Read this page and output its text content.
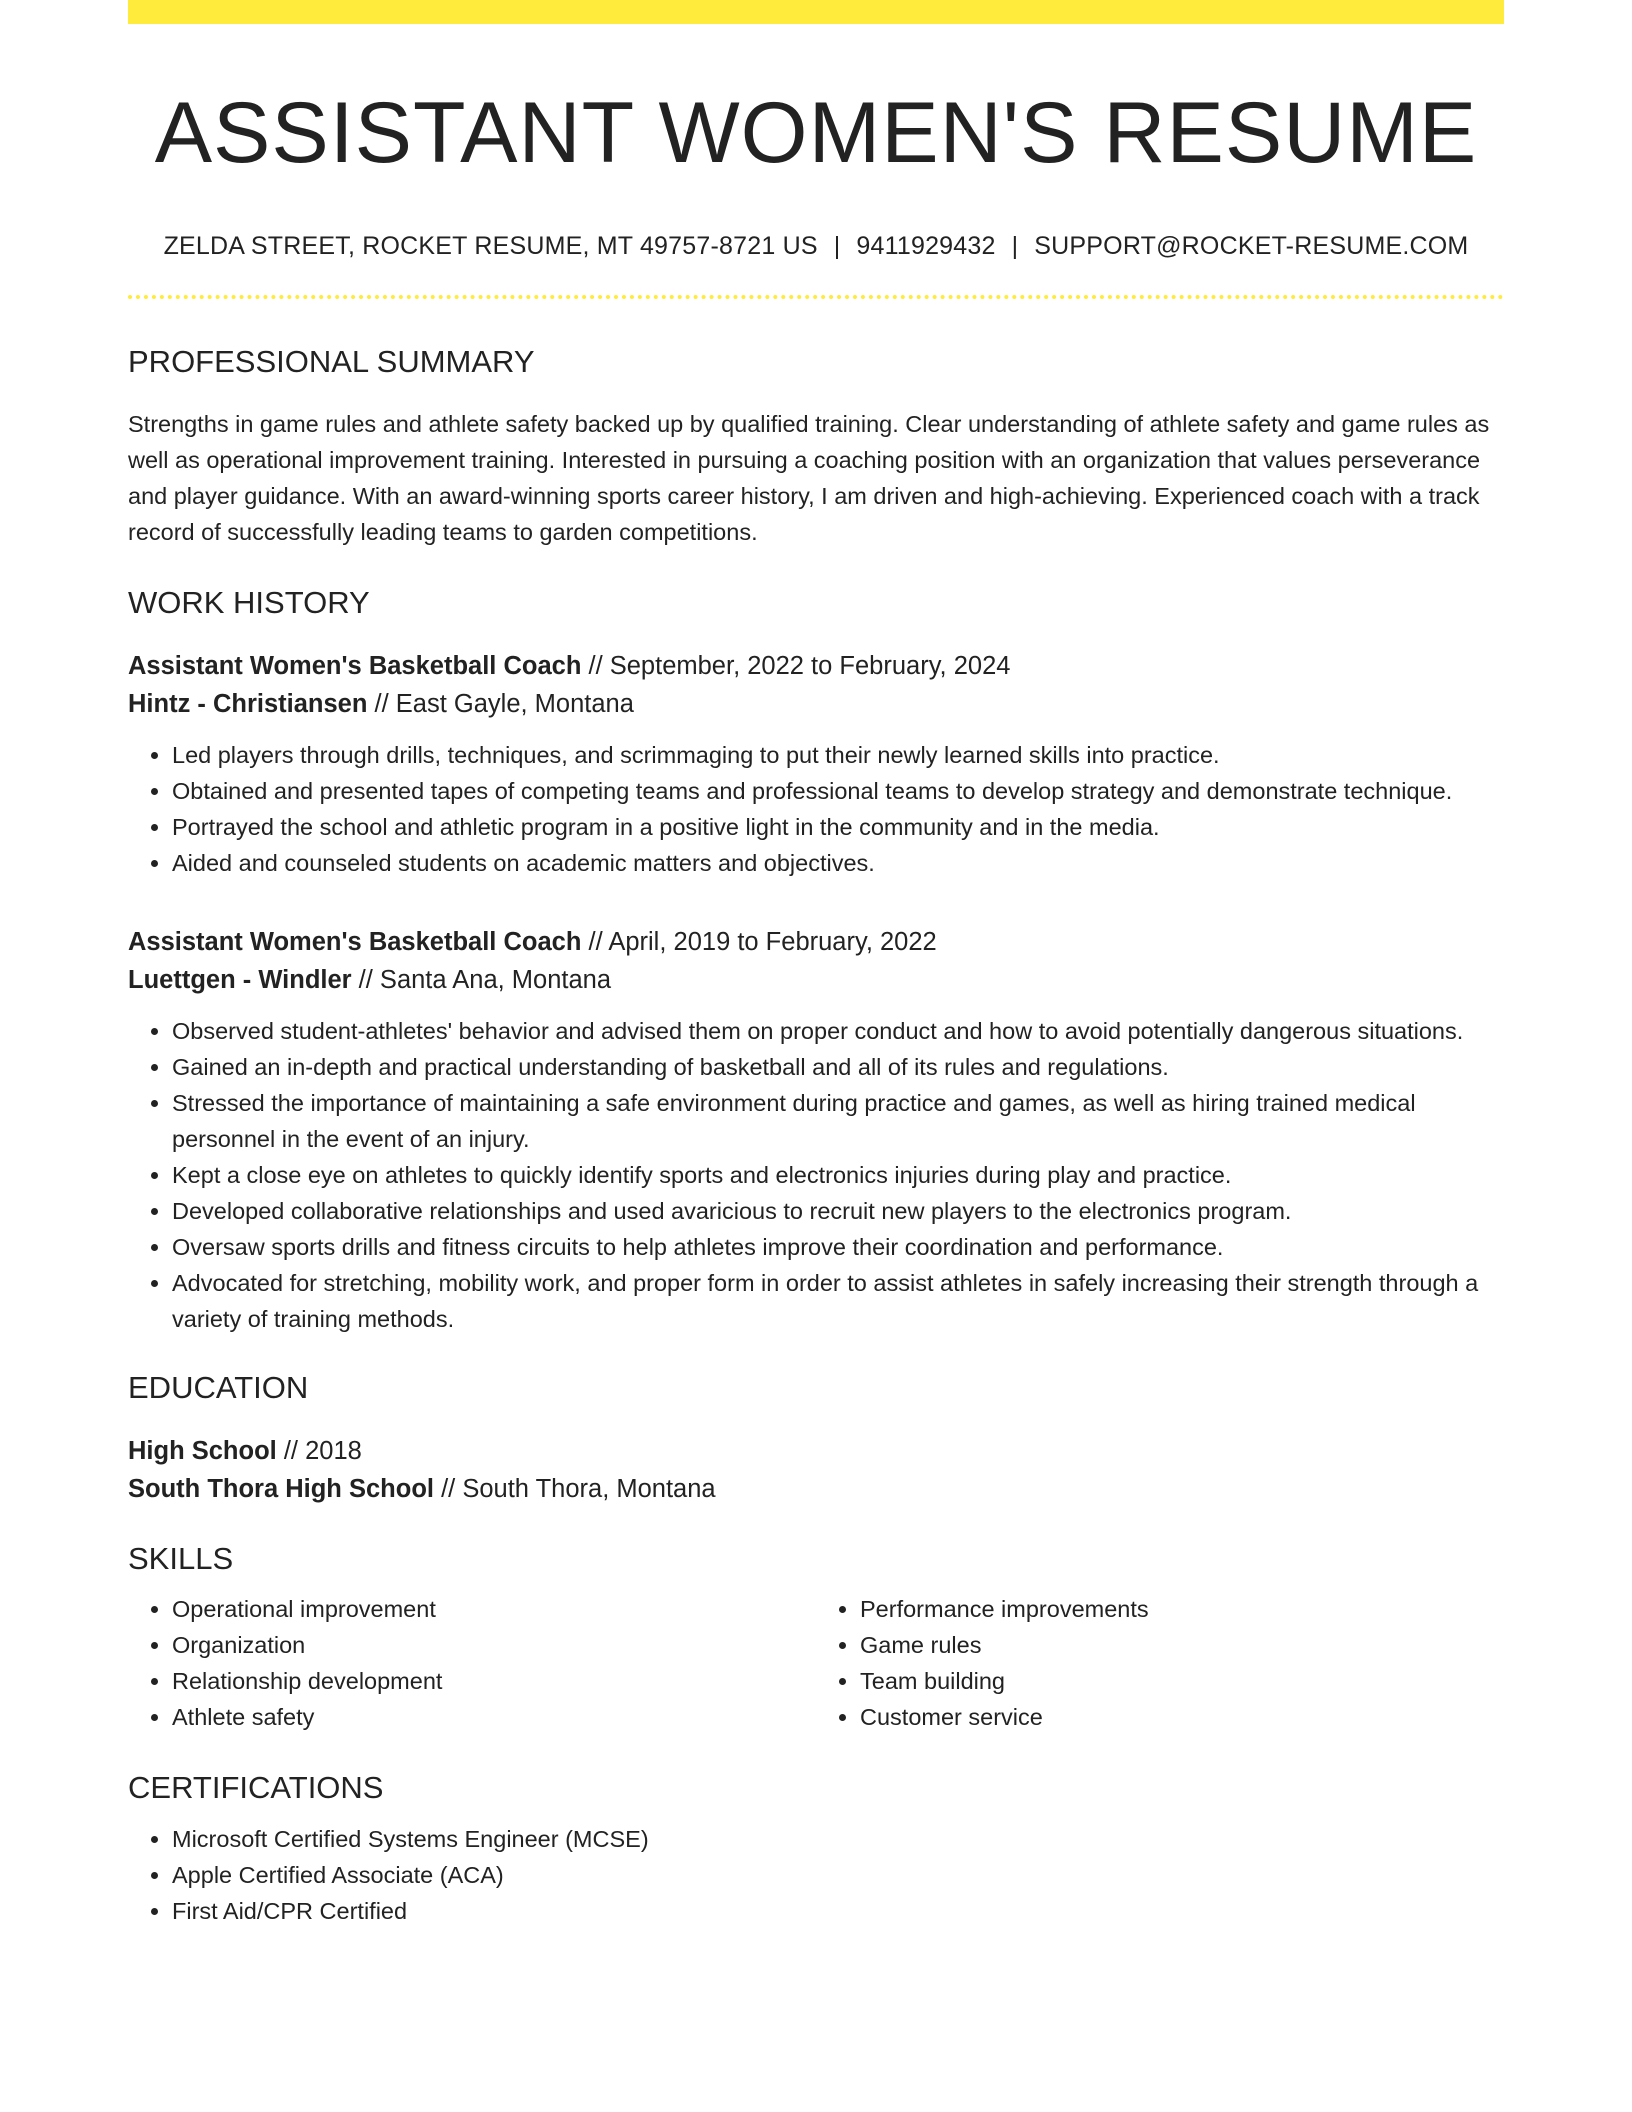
ASSISTANT WOMEN'S RESUME
ZELDA STREET, ROCKET RESUME, MT 49757-8721 US | 9411929432 | SUPPORT@ROCKET-RESUME.COM
PROFESSIONAL SUMMARY
Strengths in game rules and athlete safety backed up by qualified training. Clear understanding of athlete safety and game rules as well as operational improvement training. Interested in pursuing a coaching position with an organization that values perseverance and player guidance. With an award-winning sports career history, I am driven and high-achieving. Experienced coach with a track record of successfully leading teams to garden competitions.
WORK HISTORY
Assistant Women's Basketball Coach // September, 2022 to February, 2024
Hintz - Christiansen // East Gayle, Montana
• Led players through drills, techniques, and scrimmaging to put their newly learned skills into practice.
• Obtained and presented tapes of competing teams and professional teams to develop strategy and demonstrate technique.
• Portrayed the school and athletic program in a positive light in the community and in the media.
• Aided and counseled students on academic matters and objectives.
Assistant Women's Basketball Coach // April, 2019 to February, 2022
Luettgen - Windler // Santa Ana, Montana
• Observed student-athletes' behavior and advised them on proper conduct and how to avoid potentially dangerous situations.
• Gained an in-depth and practical understanding of basketball and all of its rules and regulations.
• Stressed the importance of maintaining a safe environment during practice and games, as well as hiring trained medical personnel in the event of an injury.
• Kept a close eye on athletes to quickly identify sports and electronics injuries during play and practice.
• Developed collaborative relationships and used avaricious to recruit new players to the electronics program.
• Oversaw sports drills and fitness circuits to help athletes improve their coordination and performance.
• Advocated for stretching, mobility work, and proper form in order to assist athletes in safely increasing their strength through a variety of training methods.
EDUCATION
High School // 2018
South Thora High School // South Thora, Montana
SKILLS
• Operational improvement
• Organization
• Relationship development
• Athlete safety
• Performance improvements
• Game rules
• Team building
• Customer service
CERTIFICATIONS
• Microsoft Certified Systems Engineer (MCSE)
• Apple Certified Associate (ACA)
• First Aid/CPR Certified
